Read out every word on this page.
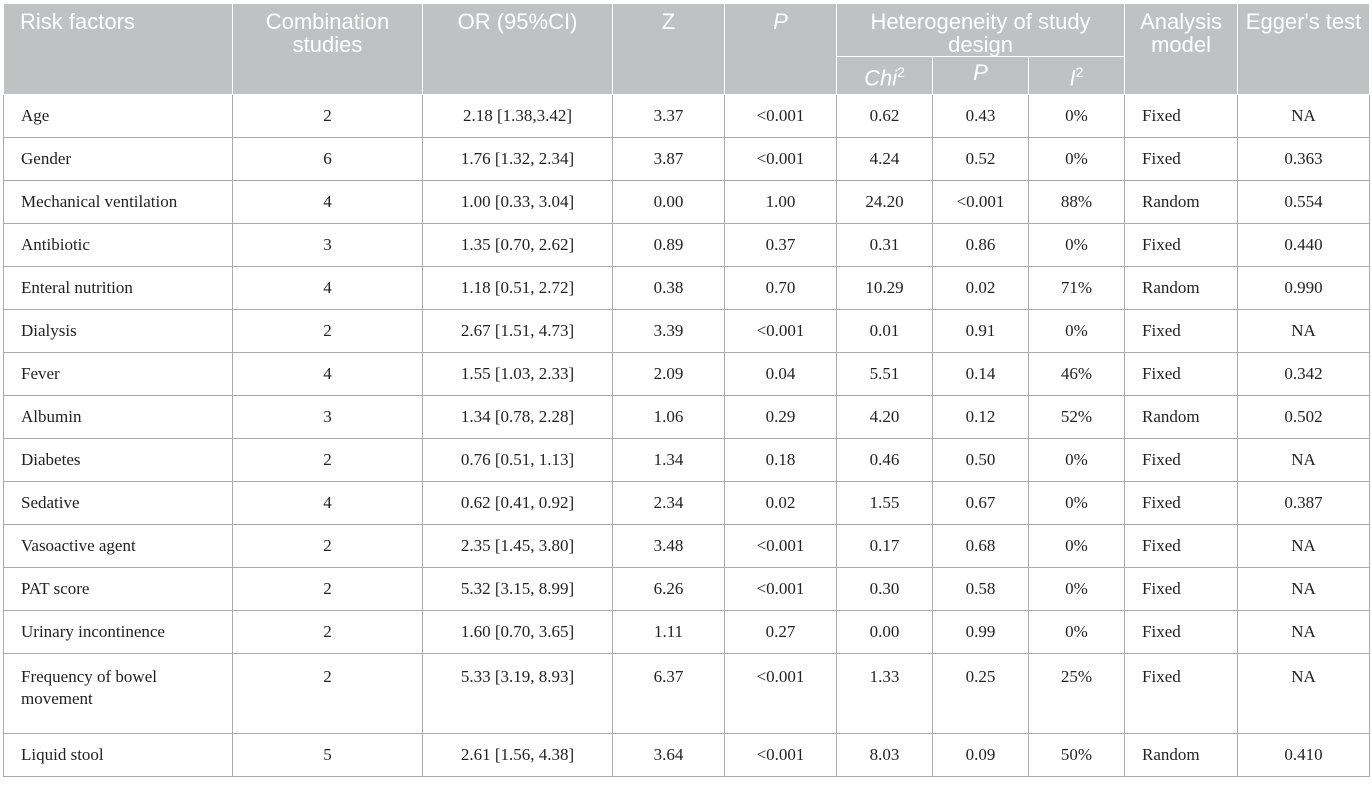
Risk factors	Combination studies	OR (95%CI)	Z	P	Heterogeneity of study design			Analysis model	Egger's test
					Chi$^2$	P	$I^2$
Age	2	2.18 [1.38,3.42]	3.37	<0.001	0.62	0.43	0%	Fixed	NA
Gender	6	1.76 [1.32, 2.34]	3.87	<0.001	4.24	0.52	0%	Fixed	0.363
Mechanical ventilation	4	1.00 [0.33, 3.04]	0.00	1.00	24.20	<0.001	88%	Random	0.554
Antibiotic	3	1.35 [0.70, 2.62]	0.89	0.37	0.31	0.86	0%	Fixed	0.440
Enteral nutrition	4	1.18 [0.51, 2.72]	0.38	0.70	10.29	0.02	71%	Random	0.990
Dialysis	2	2.67 [1.51, 4.73]	3.39	<0.001	0.01	0.91	0%	Fixed	NA
Fever	4	1.55 [1.03, 2.33]	2.09	0.04	5.51	0.14	46%	Fixed	0.342
Albumin	3	1.34 [0.78, 2.28]	1.06	0.29	4.20	0.12	52%	Random	0.502
Diabetes	2	0.76 [0.51, 1.13]	1.34	0.18	0.46	0.50	0%	Fixed	NA
Sedative	4	0.62 [0.41, 0.92]	2.34	0.02	1.55	0.67	0%	Fixed	0.387
Vasoactive agent	2	2.35 [1.45, 3.80]	3.48	<0.001	0.17	0.68	0%	Fixed	NA
PAT score	2	5.32 [3.15, 8.99]	6.26	<0.001	0.30	0.58	0%	Fixed	NA
Urinary incontinence	2	1.60 [0.70, 3.65]	1.11	0.27	0.00	0.99	0%	Fixed	NA
Frequency of bowel movement	2	5.33 [3.19, 8.93]	6.37	<0.001	1.33	0.25	25%	Fixed	NA
Liquid stool	5	2.61 [1.56, 4.38]	3.64	<0.001	8.03	0.09	50%	Random	0.410
